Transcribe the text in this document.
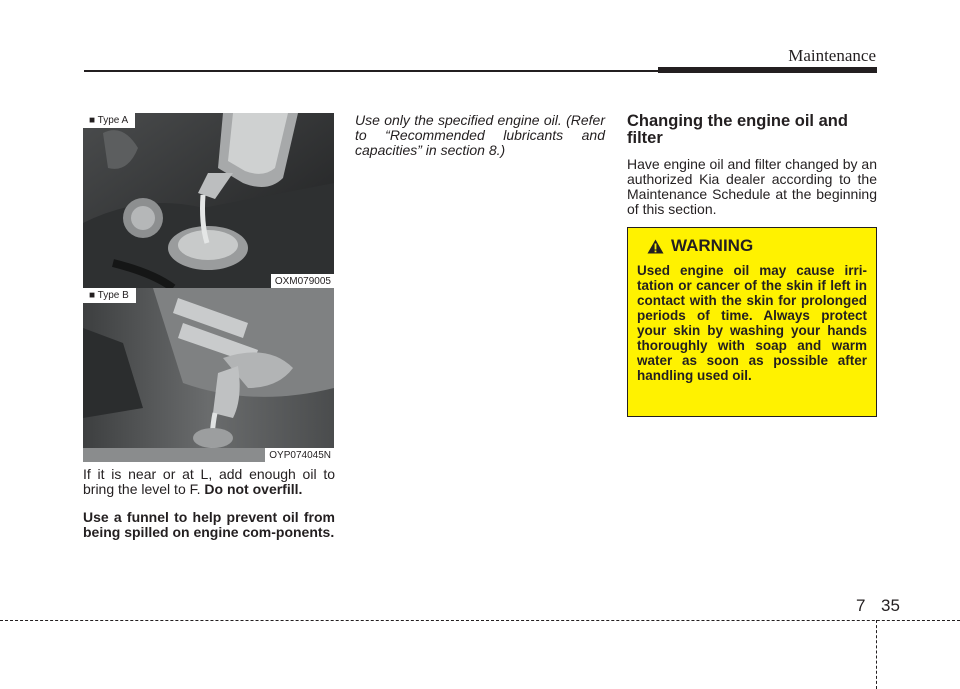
Maintenance
■ Type A
OXM079005
■ Type B
OYP074045N

If it is near or at L, add enough oil to bring the level to F. Do not overfill.

Use a funnel to help prevent oil from being spilled on engine com-ponents.

Use only the specified engine oil. (Refer to “Recommended lubricants and capacities” in section 8.)
Changing the engine oil and filter

Have engine oil and filter changed by an authorized Kia dealer according to the Maintenance Schedule at the beginning of this section.

WARNING

Used engine oil may cause irri-tation or cancer of the skin if left in contact with the skin for prolonged periods of time. Always protect your skin by washing your hands thoroughly with soap and warm water as soon as possible after handling used oil.

7 35
